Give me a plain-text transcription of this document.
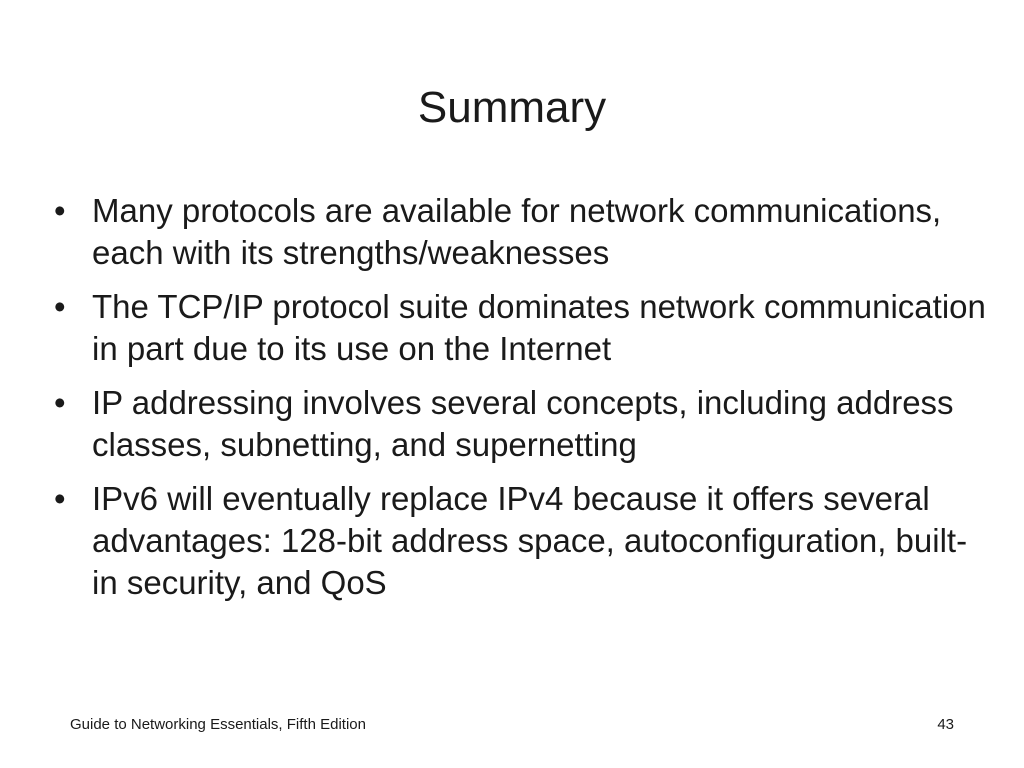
Summary
• Many protocols are available for network communications, each with its strengths/weaknesses
• The TCP/IP protocol suite dominates network communication in part due to its use on the Internet
• IP addressing involves several concepts, including address classes, subnetting, and supernetting
• IPv6 will eventually replace IPv4 because it offers several advantages: 128-bit address space, autoconfiguration, built-in security, and QoS
Guide to Networking Essentials, Fifth Edition	43
